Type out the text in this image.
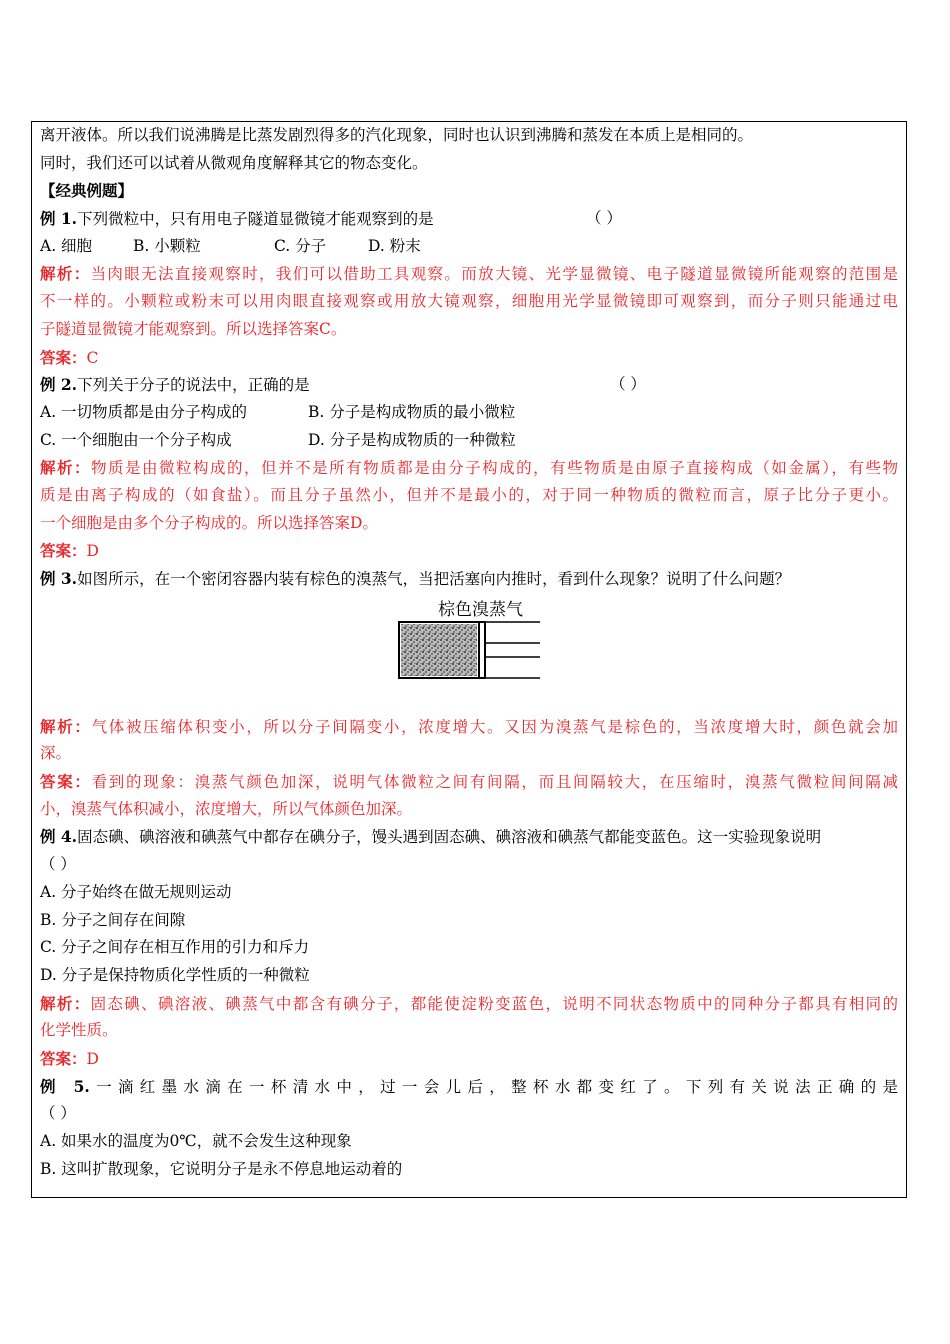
离开液体。所以我们说沸腾是比蒸发剧烈得多的汽化现象，同时也认识到沸腾和蒸发在本质上是相同的。
同时，我们还可以试着从微观角度解释其它的物态变化。
【经典例题】
例 1.下列微粒中，只有用电子隧道显微镜才能观察到的是	（ ）
A. 细胞	B. 小颗粒	C. 分子	D. 粉末
解析：当肉眼无法直接观察时，我们可以借助工具观察。而放大镜、光学显微镜、电子隧道显微镜所能观察的范围是
不一样的。小颗粒或粉末可以用肉眼直接观察或用放大镜观察，细胞用光学显微镜即可观察到，而分子则只能通过电
子隧道显微镜才能观察到。所以选择答案C。
答案：C
例 2.下列关于分子的说法中，正确的是	（ ）
A. 一切物质都是由分子构成的	B. 分子是构成物质的最小微粒
C. 一个细胞由一个分子构成	D. 分子是构成物质的一种微粒
解析：物质是由微粒构成的，但并不是所有物质都是由分子构成的，有些物质是由原子直接构成（如金属），有些物
质是由离子构成的（如食盐）。而且分子虽然小，但并不是最小的，对于同一种物质的微粒而言，原子比分子更小。
一个细胞是由多个分子构成的。所以选择答案D。
答案：D
例 3.如图所示，在一个密闭容器内装有棕色的溴蒸气，当把活塞向内推时，看到什么现象？说明了什么问题？
棕色溴蒸气
解析：气体被压缩体积变小，所以分子间隔变小，浓度增大。又因为溴蒸气是棕色的，当浓度增大时，颜色就会加
深。
答案：看到的现象：溴蒸气颜色加深，说明气体微粒之间有间隔，而且间隔较大，在压缩时，溴蒸气微粒间间隔减
小，溴蒸气体积减小，浓度增大，所以气体颜色加深。
例 4.固态碘、碘溶液和碘蒸气中都存在碘分子，馒头遇到固态碘、碘溶液和碘蒸气都能变蓝色。这一实验现象说明
（ ）
A. 分子始终在做无规则运动
B. 分子之间存在间隙
C. 分子之间存在相互作用的引力和斥力
D. 分子是保持物质化学性质的一种微粒
解析：固态碘、碘溶液、碘蒸气中都含有碘分子，都能使淀粉变蓝色，说明不同状态物质中的同种分子都具有相同的
化学性质。
答案：D
例 5.一滴红墨水滴在一杯清水中，过一会儿后，整杯水都变红了。下列有关说法正确的是
（ ）
A. 如果水的温度为0℃，就不会发生这种现象
B. 这叫扩散现象，它说明分子是永不停息地运动着的
